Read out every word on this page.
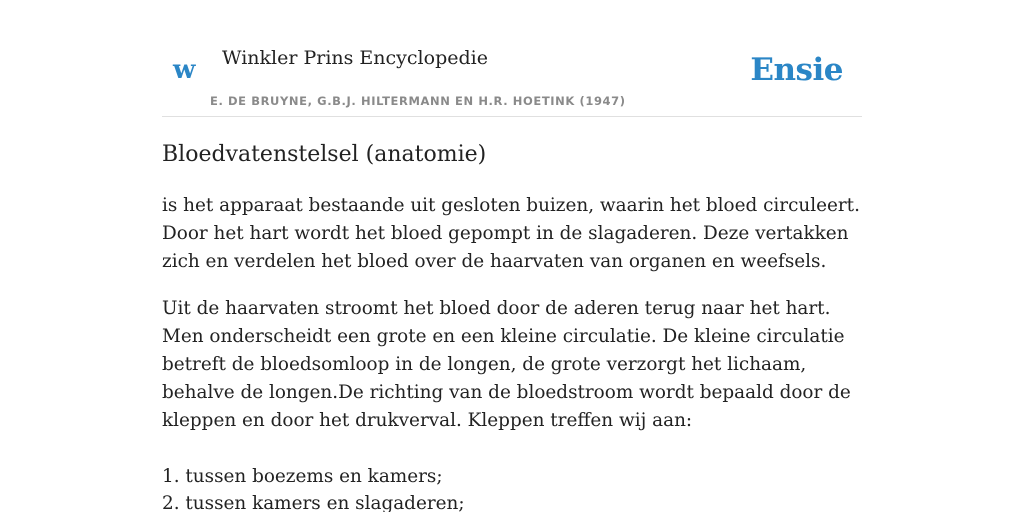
w Winkler Prins Encyclopedie	Ensie
E. DE BRUYNE, G.B.J. HILTERMANN EN H.R. HOETINK (1947)
Bloedvatenstelsel (anatomie)

is het apparaat bestaande uit gesloten buizen, waarin het bloed circuleert. Door het hart wordt het bloed gepompt in de slagaderen. Deze vertakken zich en verdelen het bloed over de haarvaten van organen en weefsels.

Uit de haarvaten stroomt het bloed door de aderen terug naar het hart. Men onderscheidt een grote en een kleine circulatie. De kleine circulatie betreft de bloedsomloop in de longen, de grote verzorgt het lichaam, behalve de longen.De richting van de bloedstroom wordt bepaald door de kleppen en door het drukverval. Kleppen treffen wij aan:

1. tussen boezems en kamers;
2. tussen kamers en slagaderen;
